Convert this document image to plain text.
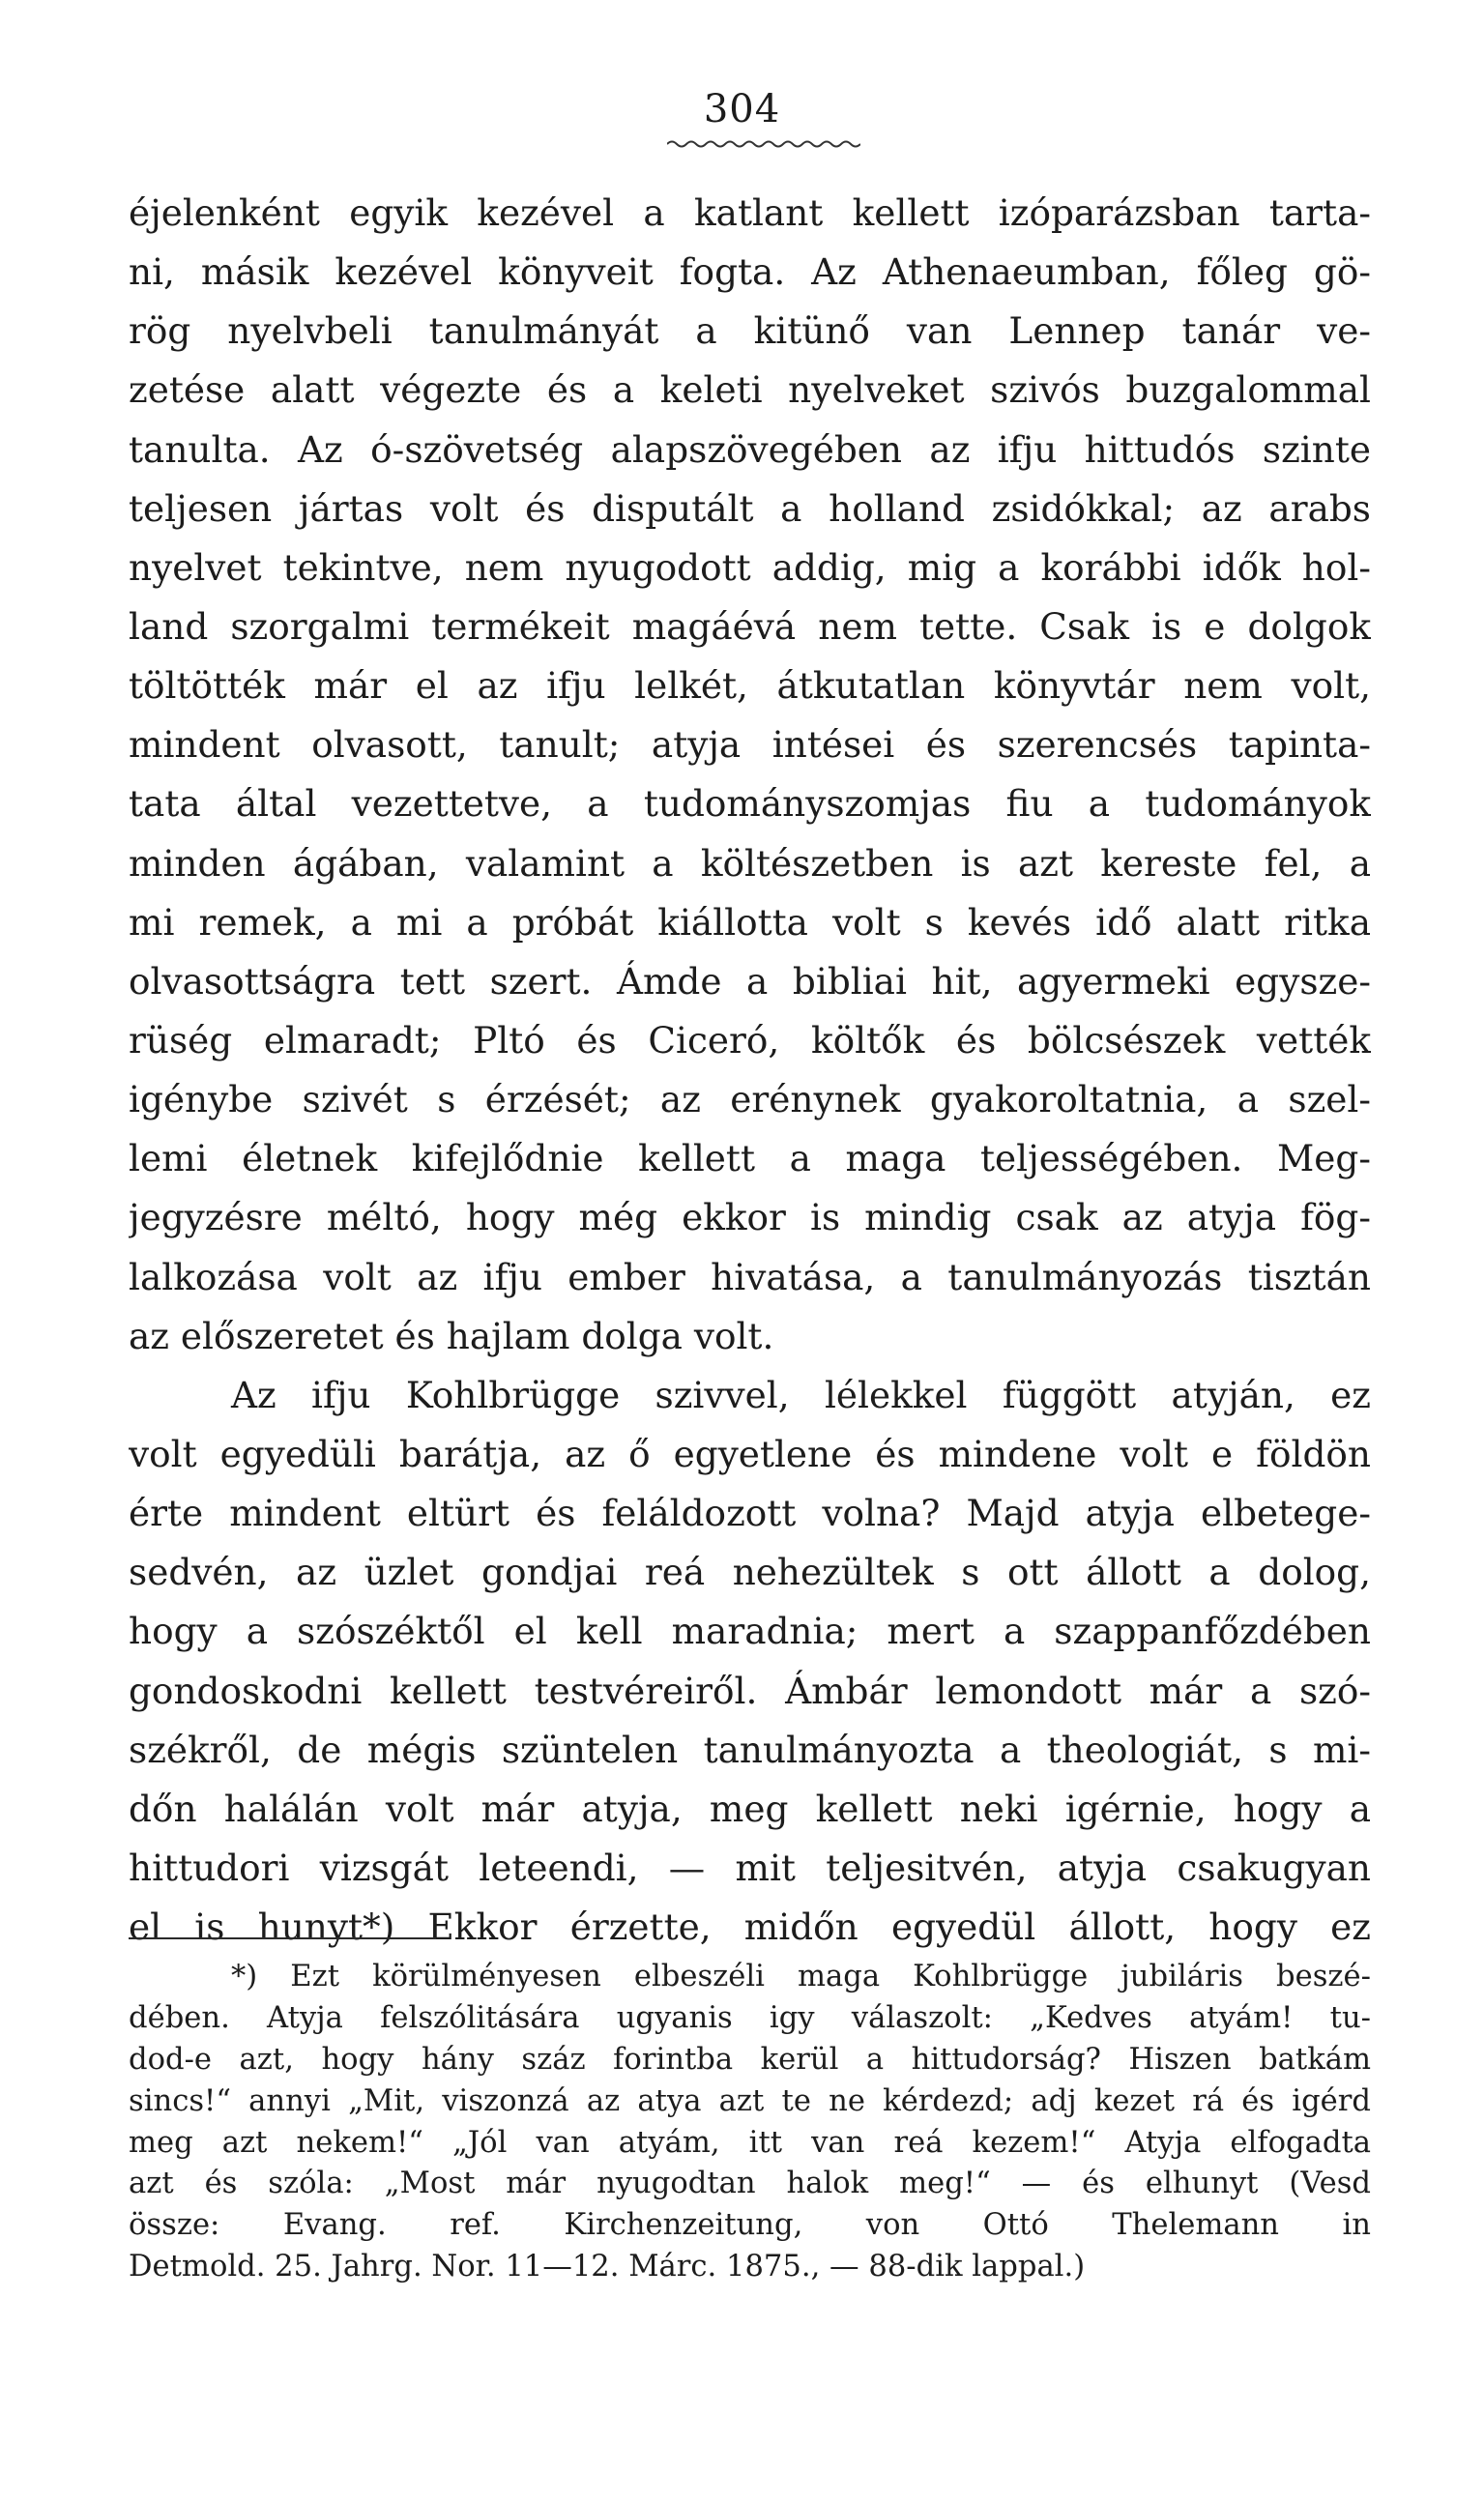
304
éjelenként egyik kezével a katlant kellett izóparázsban tarta-
ni, másik kezével könyveit fogta. Az Athenaeumban, főleg gö-
rög nyelvbeli tanulmányát a kitünő van Lennep tanár ve-
zetése alatt végezte és a keleti nyelveket szivós buzgalommal
tanulta. Az ó-szövetség alapszövegében az ifju hittudós szinte
teljesen jártas volt és disputált a holland zsidókkal; az arabs
nyelvet tekintve, nem nyugodott addig, mig a korábbi idők hol-
land szorgalmi termékeit magáévá nem tette. Csak is e dolgok
töltötték már el az ifju lelkét, átkutatlan könyvtár nem volt,
mindent olvasott, tanult; atyja intései és szerencsés tapinta-
tata által vezettetve, a tudományszomjas fiu a tudományok
minden ágában, valamint a költészetben is azt kereste fel, a
mi remek, a mi a próbát kiállotta volt s kevés idő alatt ritka
olvasottságra tett szert. Ámde a bibliai hit, agyermeki egysze-
rüség elmaradt; Pltó és Ciceró, költők és bölcsészek vették
igénybe szivét s érzését; az erénynek gyakoroltatnia, a szel-
lemi életnek kifejlődnie kellett a maga teljességében. Meg-
jegyzésre méltó, hogy még ekkor is mindig csak az atyja fög-
lalkozása volt az ifju ember hivatása, a tanulmányozás tisztán
az előszeretet és hajlam dolga volt.
Az ifju Kohlbrügge szivvel, lélekkel függött atyján, ez
volt egyedüli barátja, az ő egyetlene és mindene volt e földön
érte mindent eltürt és feláldozott volna? Majd atyja elbetege-
sedvén, az üzlet gondjai reá nehezültek s ott állott a dolog,
hogy a szószéktől el kell maradnia; mert a szappanfőzdében
gondoskodni kellett testvéreiről. Ámbár lemondott már a szó-
székről, de mégis szüntelen tanulmányozta a theologiát, s mi-
dőn halálán volt már atyja, meg kellett neki igérnie, hogy a
hittudori vizsgát leteendi, — mit teljesitvén, atyja csakugyan
el is hunyt*) Ekkor érzette, midőn egyedül állott, hogy ez
*) Ezt körülményesen elbeszéli maga Kohlbrügge jubiláris beszé-
dében. Atyja felszólitására ugyanis igy válaszolt: „Kedves atyám! tu-
dod-e azt, hogy hány száz forintba kerül a hittudorság? Hiszen batkám
sincs!“ annyi „Mit, viszonzá az atya azt te ne kérdezd; adj kezet rá és igérd
meg azt nekem!“ „Jól van atyám, itt van reá kezem!“ Atyja elfogadta
azt és szóla: „Most már nyugodtan halok meg!“ — és elhunyt (Vesd
össze: Evang. ref. Kirchenzeitung, von Ottó Thelemann in
Detmold. 25. Jahrg. Nor. 11—12. Márc. 1875., — 88-dik lappal.)
